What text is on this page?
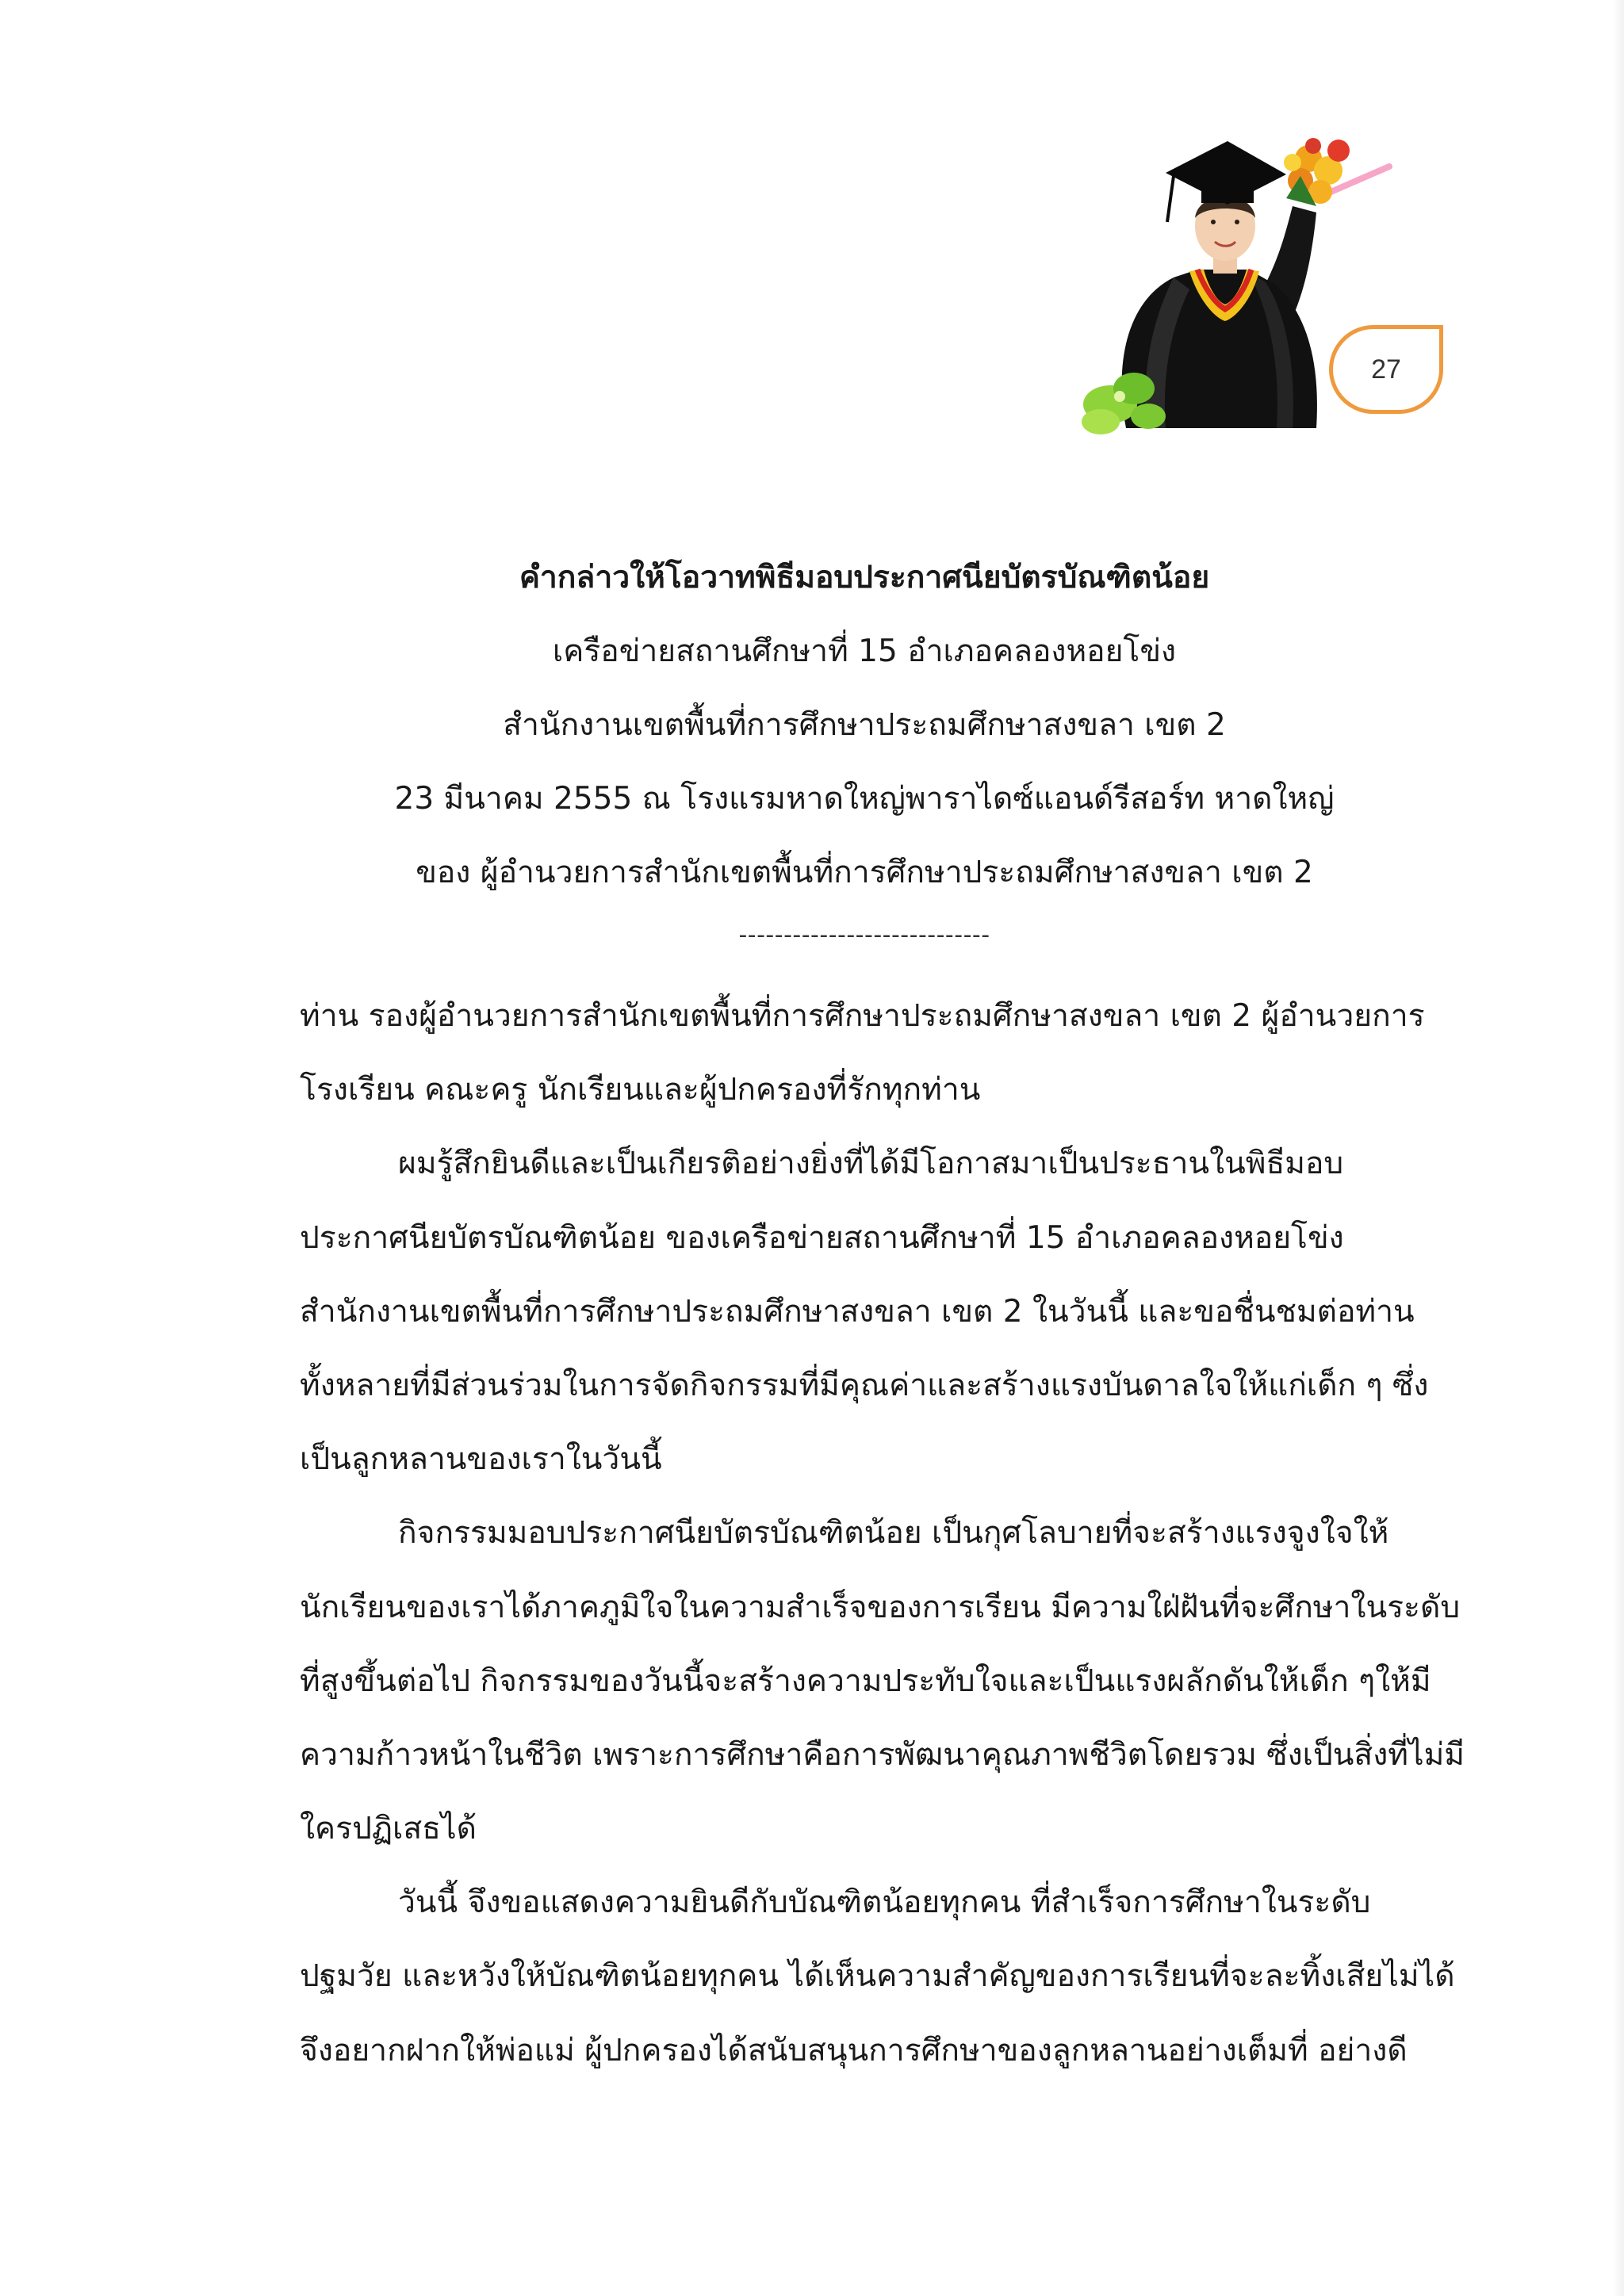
27
คำกล่าวให้โอวาทพิธีมอบประกาศนียบัตรบัณฑิตน้อย
เครือข่ายสถานศึกษาที่ 15 อำเภอคลองหอยโข่ง
สำนักงานเขตพื้นที่การศึกษาประถมศึกษาสงขลา เขต 2
23 มีนาคม 2555 ณ โรงแรมหาดใหญ่พาราไดซ์แอนด์รีสอร์ท หาดใหญ่
ของ ผู้อำนวยการสำนักเขตพื้นที่การศึกษาประถมศึกษาสงขลา เขต 2
----------------------------
ท่าน รองผู้อำนวยการสำนักเขตพื้นที่การศึกษาประถมศึกษาสงขลา เขต 2 ผู้อำนวยการ
โรงเรียน คณะครู นักเรียนและผู้ปกครองที่รักทุกท่าน
ผมรู้สึกยินดีและเป็นเกียรติอย่างยิ่งที่ได้มีโอกาสมาเป็นประธานในพิธีมอบ
ประกาศนียบัตรบัณฑิตน้อย ของเครือข่ายสถานศึกษาที่ 15 อำเภอคลองหอยโข่ง
สำนักงานเขตพื้นที่การศึกษาประถมศึกษาสงขลา เขต 2 ในวันนี้ และขอชื่นชมต่อท่าน
ทั้งหลายที่มีส่วนร่วมในการจัดกิจกรรมที่มีคุณค่าและสร้างแรงบันดาลใจให้แก่เด็ก ๆ ซึ่ง
เป็นลูกหลานของเราในวันนี้
กิจกรรมมอบประกาศนียบัตรบัณฑิตน้อย เป็นกุศโลบายที่จะสร้างแรงจูงใจให้
นักเรียนของเราได้ภาคภูมิใจในความสำเร็จของการเรียน มีความใฝ่ฝันที่จะศึกษาในระดับ
ที่สูงขึ้นต่อไป กิจกรรมของวันนี้จะสร้างความประทับใจและเป็นแรงผลักดันให้เด็ก ๆให้มี
ความก้าวหน้าในชีวิต เพราะการศึกษาคือการพัฒนาคุณภาพชีวิตโดยรวม ซึ่งเป็นสิ่งที่ไม่มี
ใครปฏิเสธได้
วันนี้ จึงขอแสดงความยินดีกับบัณฑิตน้อยทุกคน ที่สำเร็จการศึกษาในระดับ
ปฐมวัย และหวังให้บัณฑิตน้อยทุกคน ได้เห็นความสำคัญของการเรียนที่จะละทิ้งเสียไม่ได้
จึงอยากฝากให้พ่อแม่ ผู้ปกครองได้สนับสนุนการศึกษาของลูกหลานอย่างเต็มที่ อย่างดี
